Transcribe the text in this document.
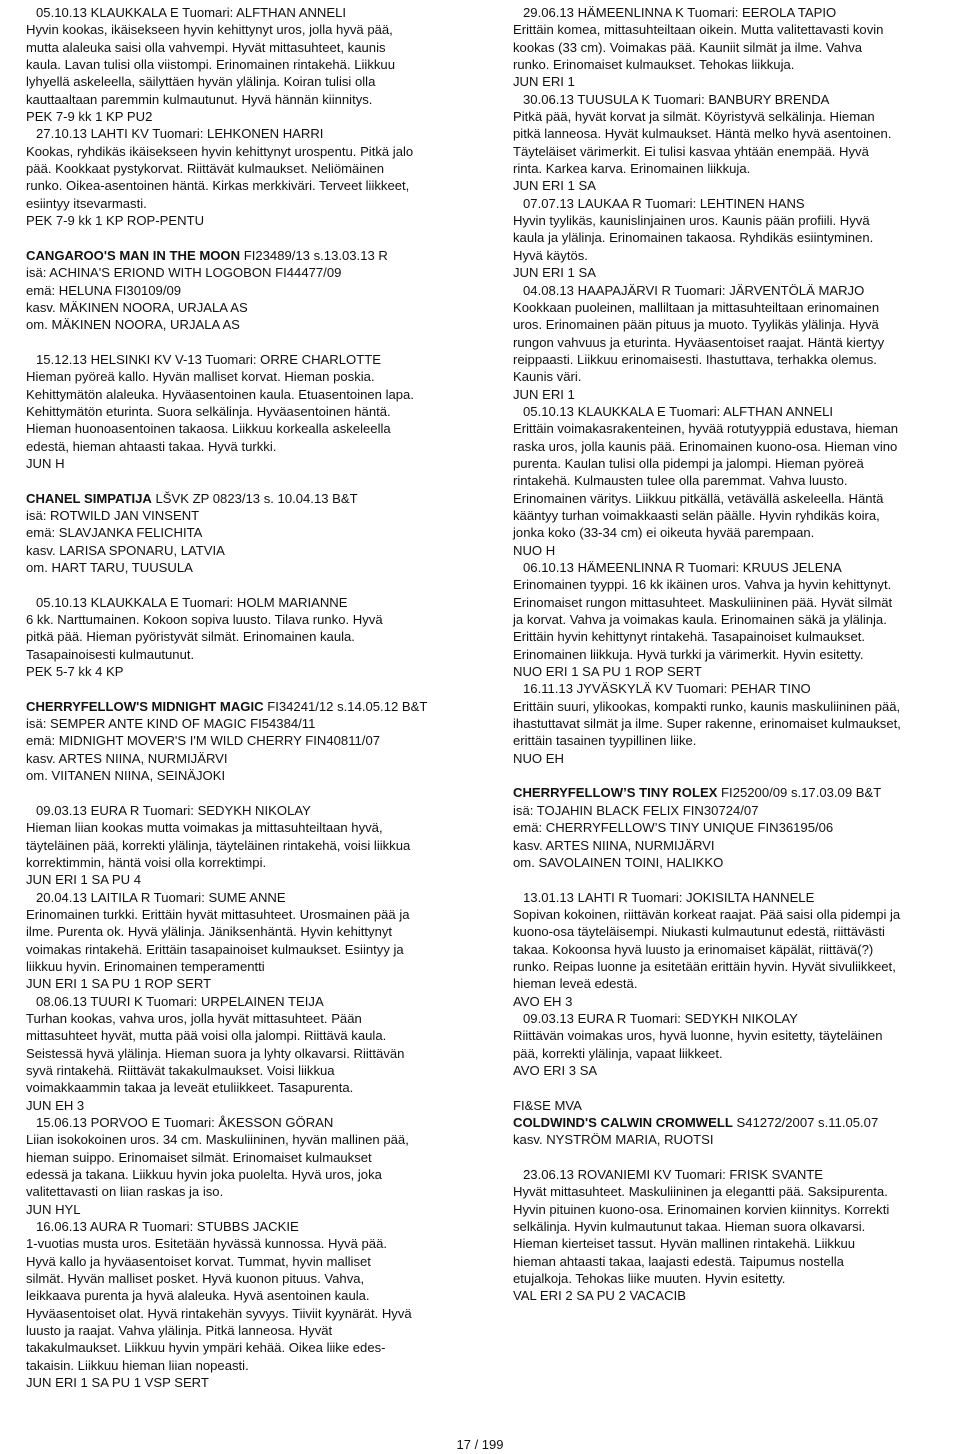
05.10.13 KLAUKKALA E Tuomari: ALFTHAN ANNELI
Hyvin kookas, ikäisekseen hyvin kehittynyt uros, jolla hyvä pää,
mutta alaleuka saisi olla vahvempi. Hyvät mittasuhteet, kaunis
kaula. Lavan tulisi olla viistompi. Erinomainen rintakehä. Liikkuu
lyhyellä askeleella, säilyttäen hyvän ylälinja. Koiran tulisi olla
kauttaaltaan paremmin kulmautunut. Hyvä hännän kiinnitys.
PEK 7-9 kk 1 KP PU2
27.10.13 LAHTI KV Tuomari: LEHKONEN HARRI
Kookas, ryhdikäs ikäisekseen hyvin kehittynyt urospentu. Pitkä jalo
pää. Kookkaat pystykorvat. Riittävät kulmaukset. Neliömäinen
runko. Oikea-asentoinen häntä. Kirkas merkkiväri. Terveet liikkeet,
esiintyy itsevarmasti.
PEK 7-9 kk 1 KP ROP-PENTU
CANGAROO'S MAN IN THE MOON FI23489/13 s.13.03.13 R
isä: ACHINA'S ERIOND WITH LOGOBON FI44477/09
emä: HELUNA FI30109/09
kasv. MÄKINEN NOORA, URJALA AS
om. MÄKINEN NOORA, URJALA AS
15.12.13 HELSINKI KV V-13 Tuomari: ORRE CHARLOTTE
Hieman pyöreä kallo. Hyvän malliset korvat. Hieman poskia.
Kehittymätön alaleuka. Hyväasentoinen kaula. Etuasentoinen lapa.
Kehittymätön eturinta. Suora selkälinja. Hyväasentoinen häntä.
Hieman huonoasentoinen takaosa. Liikkuu korkealla askeleella
edestä, hieman ahtaasti takaa. Hyvä turkki.
JUN H
CHANEL SIMPATIJA LŠVK ZP 0823/13 s. 10.04.13 B&T
isä: ROTWILD JAN VINSENT
emä: SLAVJANKA FELICHITA
kasv. LARISA SPONARU, LATVIA
om. HART TARU, TUUSULA
05.10.13 KLAUKKALA E Tuomari: HOLM MARIANNE
6 kk. Narttumainen. Kokoon sopiva luusto. Tilava runko. Hyvä
pitkä pää. Hieman pyöristyvät silmät. Erinomainen kaula.
Tasapainoisesti kulmautunut.
PEK 5-7 kk 4 KP
CHERRYFELLOW'S MIDNIGHT MAGIC FI34241/12 s.14.05.12 B&T
isä: SEMPER ANTE KIND OF MAGIC FI54384/11
emä: MIDNIGHT MOVER'S I'M WILD CHERRY FIN40811/07
kasv. ARTES NIINA, NURMIJÄRVI
om. VIITANEN NIINA, SEINÄJOKI
09.03.13 EURA R Tuomari: SEDYKH NIKOLAY
Hieman liian kookas mutta voimakas ja mittasuhteiltaan hyvä,
täyteläinen pää, korrekti ylälinja, täyteläinen rintakehä, voisi liikkua
korrektimmin, häntä voisi olla korrektimpi.
JUN ERI 1 SA PU 4
20.04.13 LAITILA R Tuomari: SUME ANNE
Erinomainen turkki. Erittäin hyvät mittasuhteet. Urosmainen pää ja
ilme. Purenta ok. Hyvä ylälinja. Jäniksenhäntä. Hyvin kehittynyt
voimakas rintakehä. Erittäin tasapainoiset kulmaukset. Esiintyy ja
liikkuu hyvin. Erinomainen temperamentti
JUN ERI 1 SA PU 1 ROP SERT
08.06.13 TUURI K Tuomari: URPELAINEN TEIJA
Turhan kookas, vahva uros, jolla hyvät mittasuhteet. Pään
mittasuhteet hyvät, mutta pää voisi olla jalompi. Riittävä kaula.
Seistessä hyvä ylälinja. Hieman suora ja lyhty olkavarsi. Riittävän
syvä rintakehä. Riittävät takakulmaukset. Voisi liikkua
voimakkaammin takaa ja leveät etuliikkeet. Tasapurenta.
JUN EH 3
15.06.13 PORVOO E Tuomari: ÅKESSON GÖRAN
Liian isokokoinen uros. 34 cm. Maskuliininen, hyvän mallinen pää,
hieman suippo. Erinomaiset silmät. Erinomaiset kulmaukset
edessä ja takana. Liikkuu hyvin joka puolelta. Hyvä uros, joka
valitettavasti on liian raskas ja iso.
JUN HYL
16.06.13 AURA R Tuomari: STUBBS JACKIE
1-vuotias musta uros. Esitetään hyvässä kunnossa. Hyvä pää.
Hyvä kallo ja hyväasentoiset korvat. Tummat, hyvin malliset
silmät. Hyvän malliset posket. Hyvä kuonon pituus. Vahva,
leikkaava purenta ja hyvä alaleuka. Hyvä asentoinen kaula.
Hyväasentoiset olat. Hyvä rintakehän syvyys. Tiiviit kyynärät. Hyvä
luusto ja raajat. Vahva ylälinja. Pitkä lanneosa. Hyvät
takakulmaukset. Liikkuu hyvin ympäri kehää. Oikea liike edes-
takaisin. Liikkuu hieman liian nopeasti.
JUN ERI 1 SA PU 1 VSP SERT
29.06.13 HÄMEENLINNA K Tuomari: EEROLA TAPIO
Erittäin komea, mittasuhteiltaan oikein. Mutta valitettavasti kovin
kookas (33 cm). Voimakas pää. Kauniit silmät ja ilme. Vahva
runko. Erinomaiset kulmaukset. Tehokas liikkuja.
JUN ERI 1
30.06.13 TUUSULA K Tuomari: BANBURY BRENDA
Pitkä pää, hyvät korvat ja silmät. Köyristyvä selkälinja. Hieman
pitkä lanneosa. Hyvät kulmaukset. Häntä melko hyvä asentoinen.
Täyteläiset värimerkit. Ei tulisi kasvaa yhtään enempää. Hyvä
rinta. Karkea karva. Erinomainen liikkuja.
JUN ERI 1 SA
07.07.13 LAUKAA R Tuomari: LEHTINEN HANS
Hyvin tyylikäs, kaunislinjainen uros. Kaunis pään profiili. Hyvä
kaula ja ylälinja. Erinomainen takaosa. Ryhdikäs esiintyminen.
Hyvä käytös.
JUN ERI 1 SA
04.08.13 HAAPAJÄRVI R Tuomari: JÄRVENTÖLÄ MARJO
Kookkaan puoleinen, malliltaan ja mittasuhteiltaan erinomainen
uros. Erinomainen pään pituus ja muoto. Tyylikäs ylälinja. Hyvä
rungon vahvuus ja eturinta. Hyväasentoiset raajat. Häntä kiertyy
reippaasti. Liikkuu erinomaisesti. Ihastuttava, terhakka olemus.
Kaunis väri.
JUN ERI 1
05.10.13 KLAUKKALA E Tuomari: ALFTHAN ANNELI
Erittäin voimakasrakenteinen, hyvää rotutyyppiä edustava, hieman
raska uros, jolla kaunis pää. Erinomainen kuono-osa. Hieman vino
purenta. Kaulan tulisi olla pidempi ja jalompi. Hieman pyöreä
rintakehä. Kulmausten tulee olla paremmat. Vahva luusto.
Erinomainen väritys. Liikkuu pitkällä, vetävällä askeleella. Häntä
kääntyy turhan voimakkaasti selän päälle. Hyvin ryhdikäs koira,
jonka koko (33-34 cm) ei oikeuta hyvää parempaan.
NUO H
06.10.13 HÄMEENLINNA R Tuomari: KRUUS JELENA
Erinomainen tyyppi. 16 kk ikäinen uros. Vahva ja hyvin kehittynyt.
Erinomaiset rungon mittasuhteet. Maskuliininen pää. Hyvät silmät
ja korvat. Vahva ja voimakas kaula. Erinomainen säkä ja ylälinja.
Erittäin hyvin kehittynyt rintakehä. Tasapainoiset kulmaukset.
Erinomainen liikkuja. Hyvä turkki ja värimerkit. Hyvin esitetty.
NUO ERI 1 SA PU 1 ROP SERT
16.11.13 JYVÄSKYLÄ KV Tuomari: PEHAR TINO
Erittäin suuri, ylikookas, kompakti runko, kaunis maskuliininen pää,
ihastuttavat silmät ja ilme. Super rakenne, erinomaiset kulmaukset,
erittäin tasainen tyypillinen liike.
NUO EH
CHERRYFELLOW’S TINY ROLEX FI25200/09 s.17.03.09 B&T
isä: TOJAHIN BLACK FELIX FIN30724/07
emä: CHERRYFELLOW’S TINY UNIQUE FIN36195/06
kasv. ARTES NIINA, NURMIJÄRVI
om. SAVOLAINEN TOINI, HALIKKO
13.01.13 LAHTI R Tuomari: JOKISILTA HANNELE
Sopivan kokoinen, riittävän korkeat raajat. Pää saisi olla pidempi ja
kuono-osa täyteläisempi. Niukasti kulmautunut edestä, riittävästi
takaa. Kokoonsa hyvä luusto ja erinomaiset käpälät, riittävä(?)
runko. Reipas luonne ja esitetään erittäin hyvin. Hyvät sivuliikkeet,
hieman leveä edestä.
AVO EH 3
09.03.13 EURA R Tuomari: SEDYKH NIKOLAY
Riittävän voimakas uros, hyvä luonne, hyvin esitetty, täyteläinen
pää, korrekti ylälinja, vapaat liikkeet.
AVO ERI 3 SA
FI&SE MVA
COLDWIND'S CALWIN CROMWELL S41272/2007 s.11.05.07
kasv. NYSTRÖM MARIA, RUOTSI
23.06.13 ROVANIEMI KV Tuomari: FRISK SVANTE
Hyvät mittasuhteet. Maskuliininen ja elegantti pää. Saksipurenta.
Hyvin pituinen kuono-osa. Erinomainen korvien kiinnitys. Korrekti
selkälinja. Hyvin kulmautunut takaa. Hieman suora olkavarsi.
Hieman kierteiset tassut. Hyvän mallinen rintakehä. Liikkuu
hieman ahtaasti takaa, laajasti edestä. Taipumus nostella
etujalkoja. Tehokas liike muuten. Hyvin esitetty.
VAL ERI 2 SA PU 2 VACACIB
17 / 199
